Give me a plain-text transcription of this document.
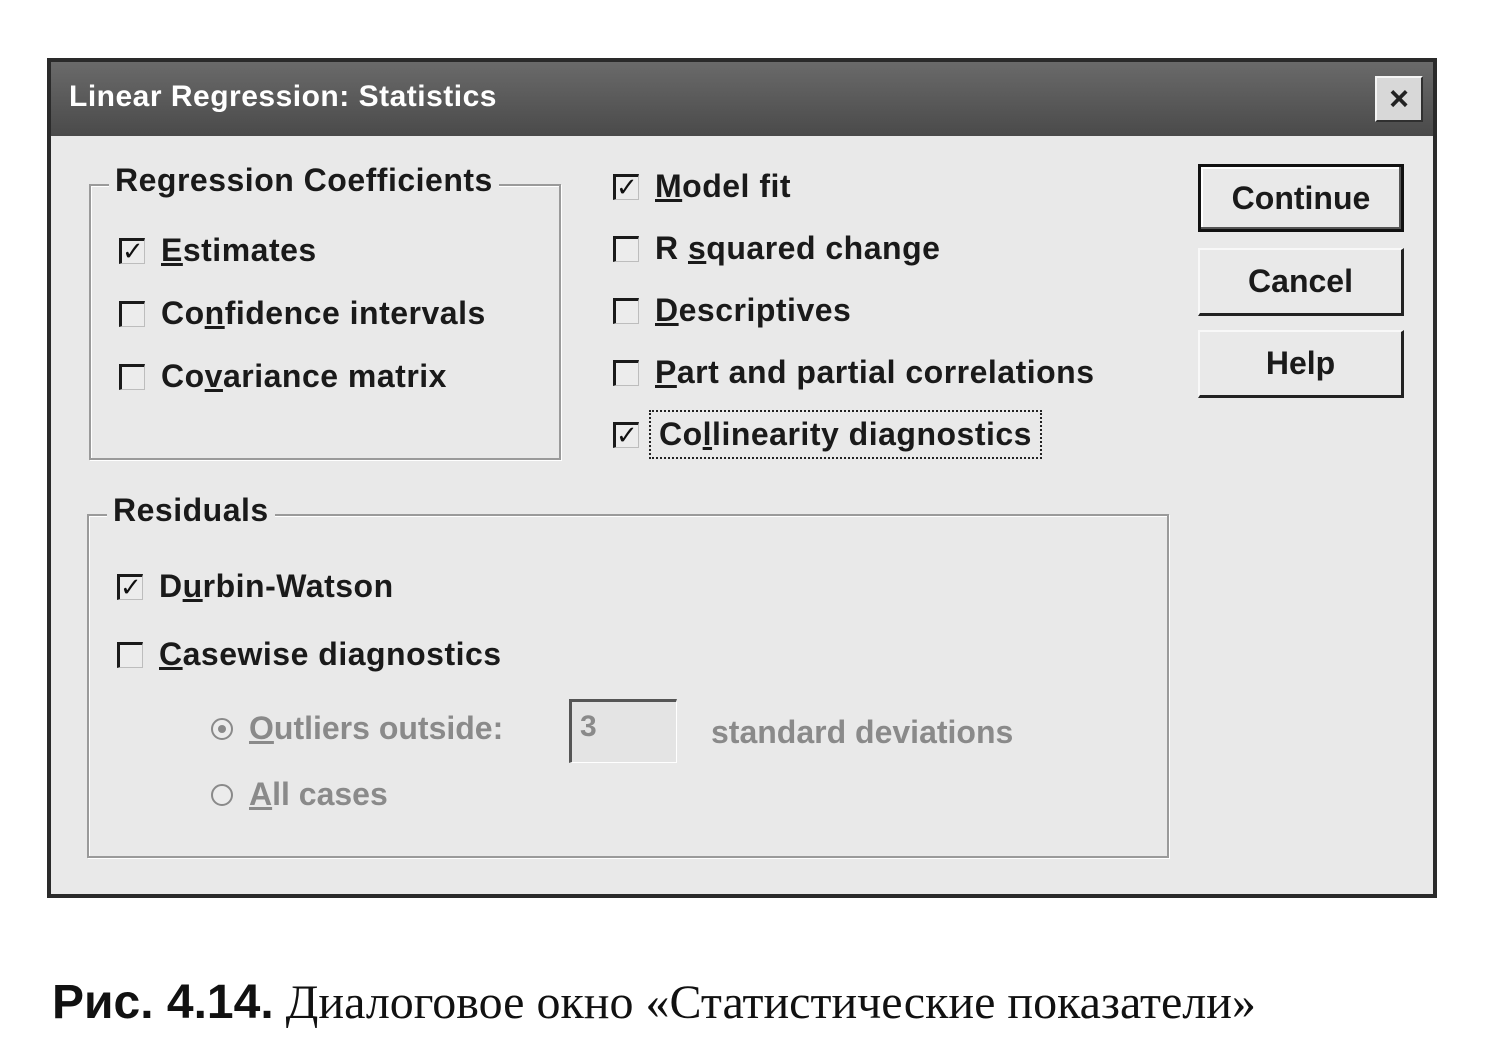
Linear Regression: Statistics	×
Regression Coefficients
✓ Estimates
Confidence intervals
Covariance matrix
✓ Model fit
R squared change
Descriptives
Part and partial correlations
✓ Collinearity diagnostics
Continue
Cancel
Help
Residuals
✓ Durbin-Watson
Casewise diagnostics
Outliers outside:	3	standard deviations
All cases
Рис. 4.14. Диалоговое окно «Статистические показатели»
